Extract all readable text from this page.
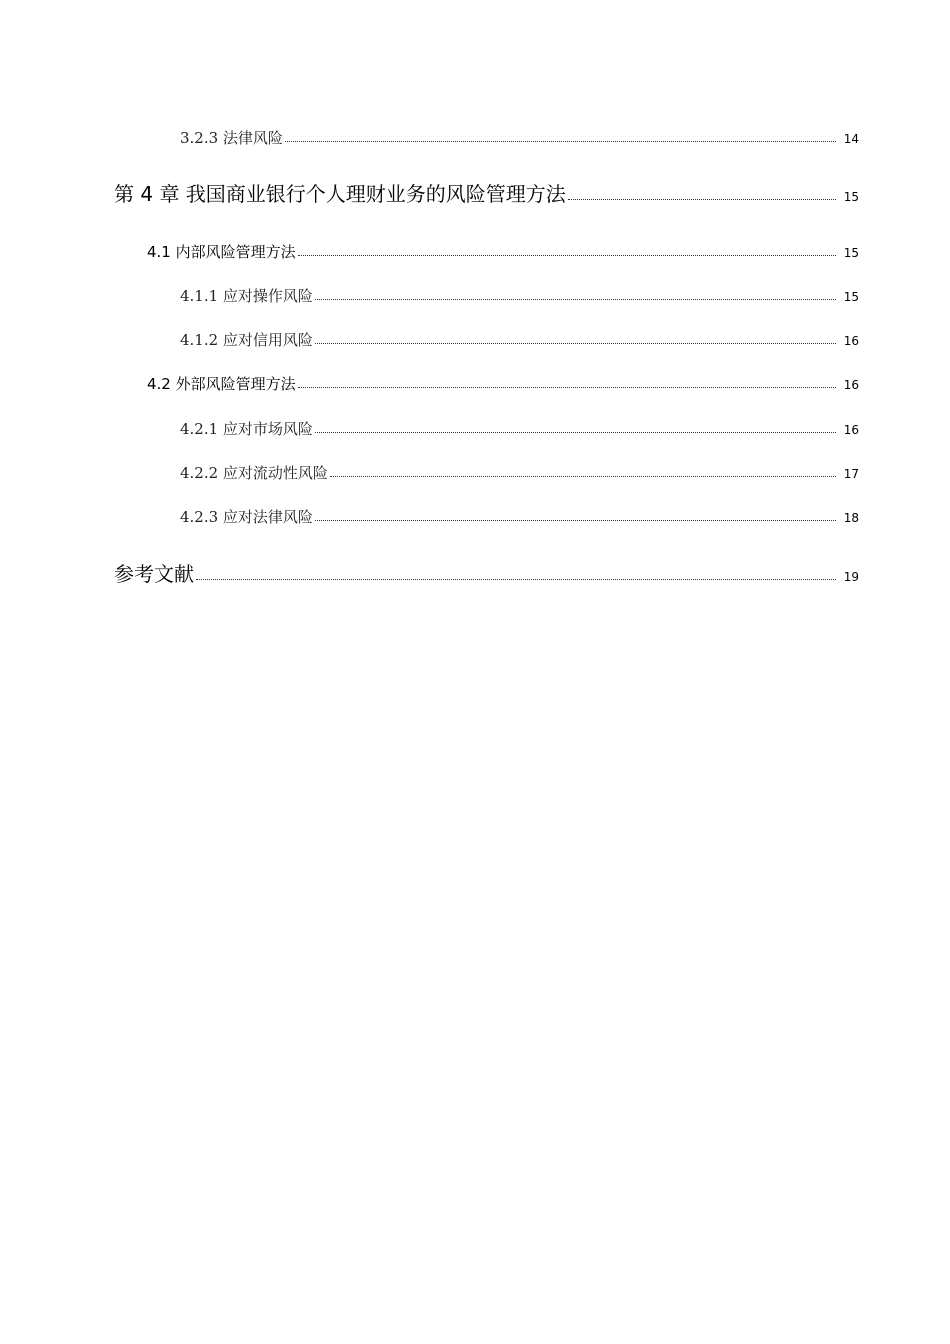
3.2.3 法律风险	14
第 4 章 我国商业银行个人理财业务的风险管理方法	15
4.1 内部风险管理方法	15
4.1.1 应对操作风险	15
4.1.2 应对信用风险	16
4.2 外部风险管理方法	16
4.2.1 应对市场风险	16
4.2.2 应对流动性风险	17
4.2.3 应对法律风险	18
参考文献	19
